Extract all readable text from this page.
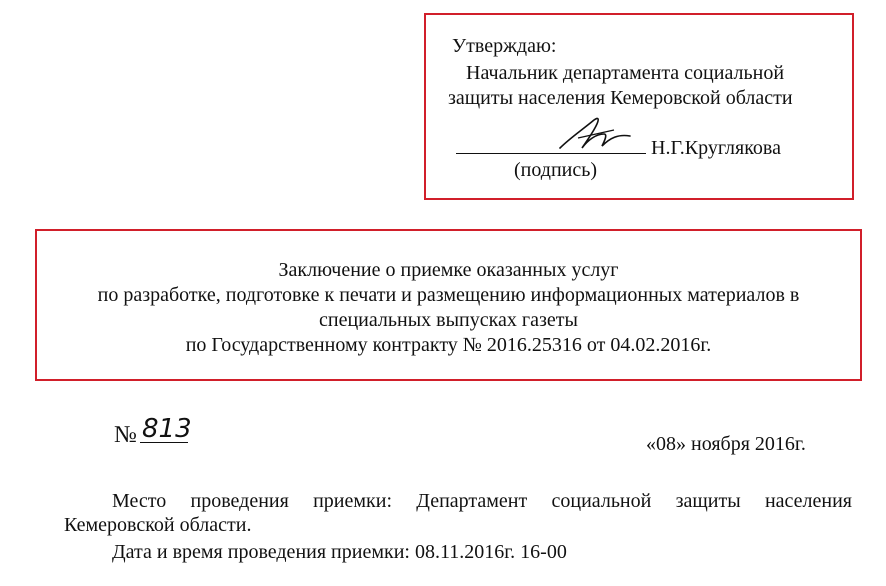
Утверждаю:
Начальник департамента социальной
защиты населения Кемеровской области
Н.Г.Круглякова
(подпись)
Заключение о приемке оказанных услуг
по разработке, подготовке к печати и размещению информационных материалов в
специальных выпусках газеты
по Государственному контракту № 2016.25316 от 04.02.2016г.
№ 813	«08» ноября 2016г.
Место проведения приемки: Департамент социальной защиты населения
Кемеровской области.
Дата и время проведения приемки: 08.11.2016г. 16-00
